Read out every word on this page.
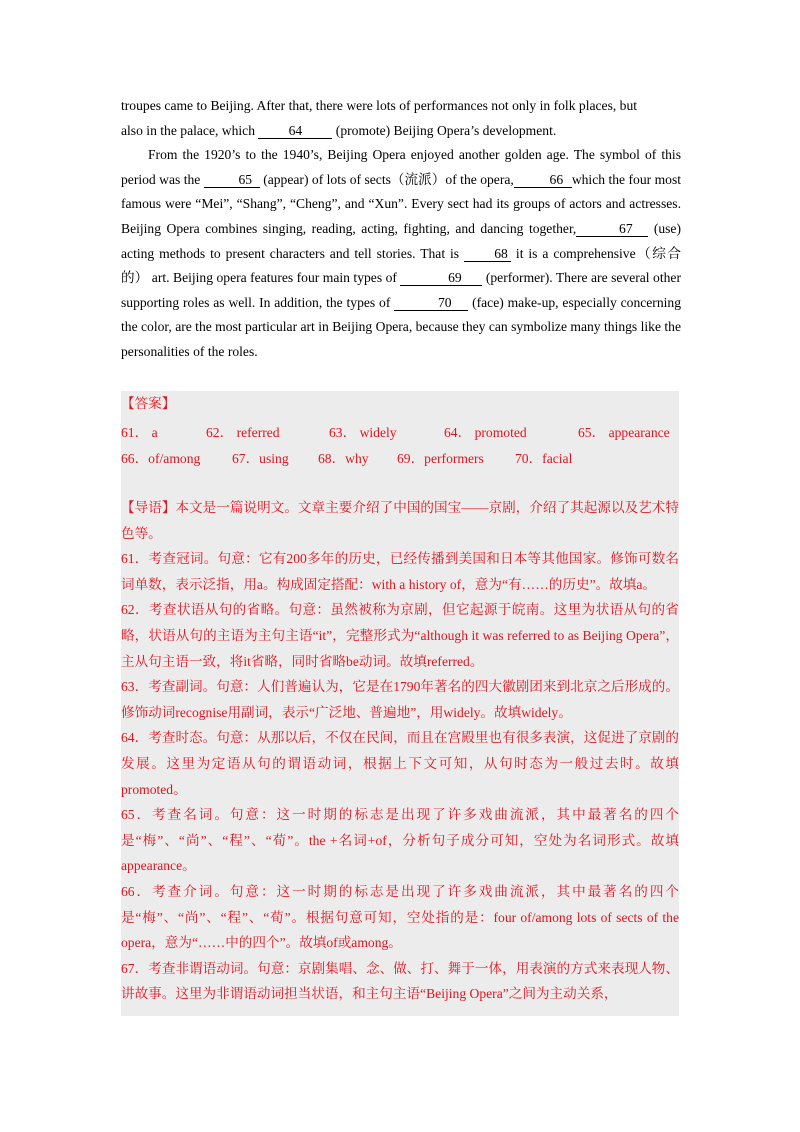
troupes came to Beijing. After that, there were lots of performances not only in folk places, but

also in the palace, which 64 (promote) Beijing Opera’s development.

From the 1920’s to the 1940’s, Beijing Opera enjoyed another golden age. The symbol of this period was the	65 (appear) of lots of sects（流派）of the opera,	66 which the four most famous were “Mei”, “Shang”, “Cheng”, and “Xun”. Every sect had its groups of actors and actresses. Beijing Opera combines singing, reading, acting, fighting, and dancing together,	67 (use) acting methods to present characters and tell stories. That is 68 it is a comprehensive（综合的） art. Beijing opera features four main types of	69 (performer). There are several other supporting roles as well. In addition, the types of	70 (face) make-up, especially concerning the color, are the most particular art in Beijing Opera, because they can symbolize many things like the personalities of the roles.

【答案】
61． a	62． referred	63． widely	64． promoted	65． appearance
66．of/among 67．using 68．why 69．performers 70．facial

【导语】本文是一篇说明文。文章主要介绍了中国的国宝——京剧，介绍了其起源以及艺术特色等。

61．考查冠词。句意：它有200多年的历史，已经传播到美国和日本等其他国家。修饰可数名词单数，表示泛指，用a。构成固定搭配：with a history of，意为“有……的历史”。故填a。

62．考查状语从句的省略。句意：虽然被称为京剧，但它起源于皖南。这里为状语从句的省略，状语从句的主语为主句主语“it”，完整形式为“although it was referred to as Beijing Opera”，主从句主语一致，将it省略，同时省略be动词。故填referred。

63．考查副词。句意：人们普遍认为，它是在1790年著名的四大徽剧团来到北京之后形成的。修饰动词recognise用副词，表示“广泛地、普遍地”，用widely。故填widely。

64．考查时态。句意：从那以后，不仅在民间，而且在宫殿里也有很多表演，这促进了京剧的发展。这里为定语从句的谓语动词，根据上下文可知，从句时态为一般过去时。故填promoted。

65．考查名词。句意：这一时期的标志是出现了许多戏曲流派，其中最著名的四个是“梅”、“尚”、“程”、“荀”。the +名词+of，分析句子成分可知，空处为名词形式。故填appearance。

66．考查介词。句意：这一时期的标志是出现了许多戏曲流派，其中最著名的四个是“梅”、“尚”、“程”、“荀”。根据句意可知，空处指的是：four of/among lots of sects of the opera，意为“……中的四个”。故填of或among。

67．考查非谓语动词。句意：京剧集唱、念、做、打、舞于一体，用表演的方式来表现人物、讲故事。这里为非谓语动词担当状语，和主句主语“Beijing Opera”之间为主动关系，
